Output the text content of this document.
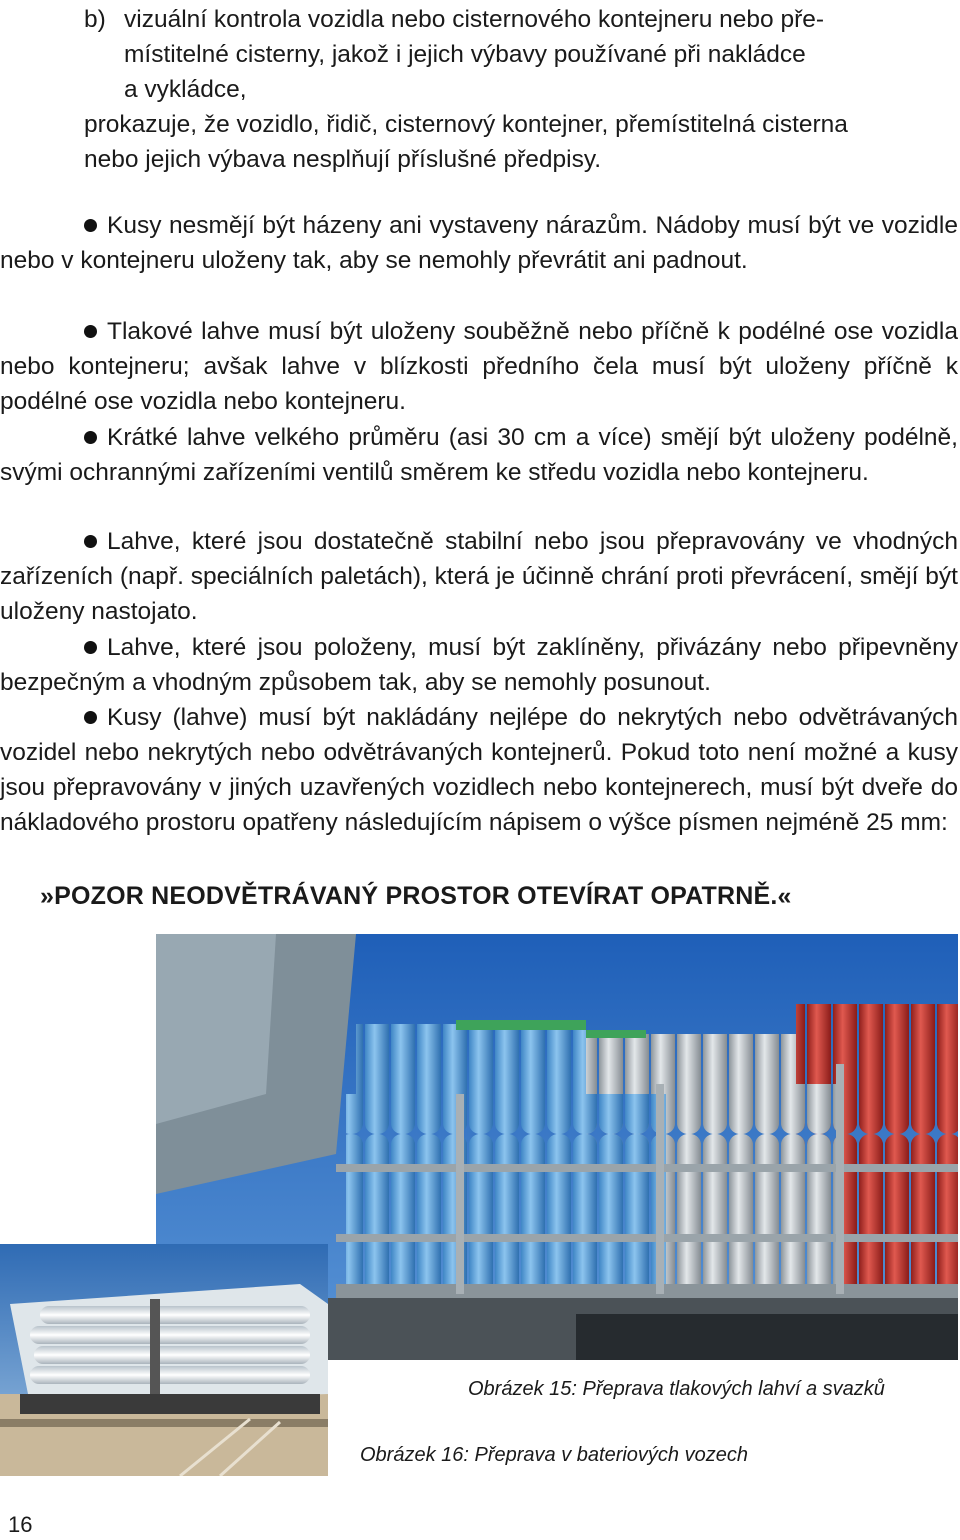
b) vizuální kontrola vozidla nebo cisternového kontejneru nebo pře-
místitelné cisterny, jakož i jejich výbavy používané při nakládce
a vykládce,
prokazuje, že vozidlo, řidič, cisternový kontejner, přemístitelná cisterna
nebo jejich výbava nesplňují příslušné předpisy.
Kusy nesmějí být házeny ani vystaveny nárazům. Nádoby musí být ve vozidle nebo v kontejneru uloženy tak, aby se nemohly převrátit ani padnout.
Tlakové lahve musí být uloženy souběžně nebo příčně k podélné ose vozidla nebo kontejneru; avšak lahve v blízkosti předního čela musí být uloženy příčně k podélné ose vozidla nebo kontejneru.
Krátké lahve velkého průměru (asi 30 cm a více) smějí být uloženy podélně, svými ochrannými zařízeními ventilů směrem ke středu vozidla nebo kontejneru.
Lahve, které jsou dostatečně stabilní nebo jsou přepravovány ve vhodných zařízeních (např. speciálních paletách), která je účinně chrání proti převrácení, smějí být uloženy nastojato.
Lahve, které jsou položeny, musí být zaklíněny, přivázány nebo připevněny bezpečným a vhodným způsobem tak, aby se nemohly posunout.
Kusy (lahve) musí být nakládány nejlépe do nekrytých nebo odvětrávaných vozidel nebo nekrytých nebo odvětrávaných kontejnerů. Pokud toto není možné a kusy jsou přepravovány v jiných uzavřených vozidlech nebo kontejnerech, musí být dveře do nákladového prostoru opatřeny následujícím nápisem o výšce písmen nejméně 25 mm:
»POZOR NEODVĚTRÁVANÝ PROSTOR OTEVÍRAT OPATRNĚ.«
Obrázek 15: Přeprava tlakových lahví a svazků
Obrázek 16: Přeprava v bateriových vozech
16
